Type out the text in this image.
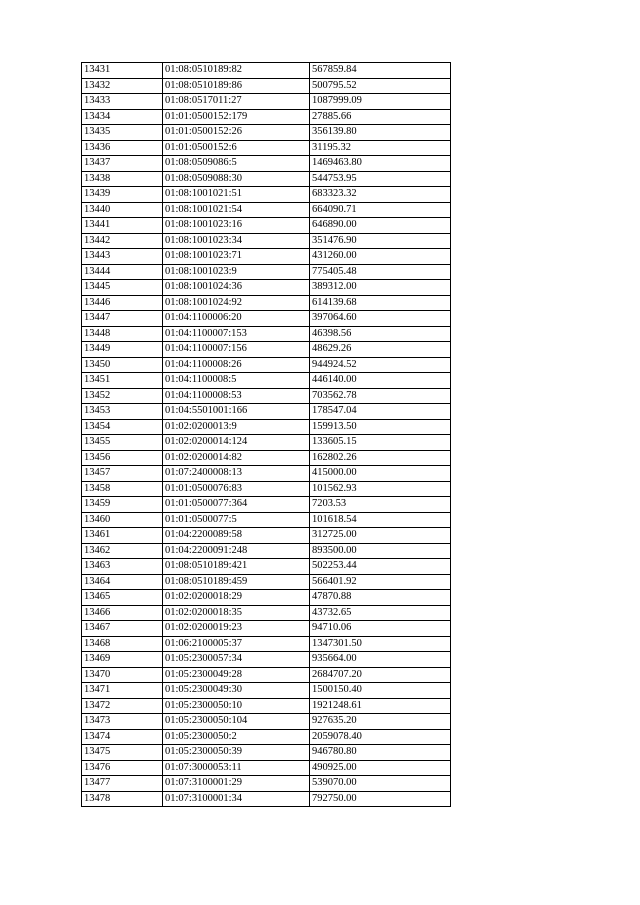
13431	01:08:0510189:82	567859.84
13432	01:08:0510189:86	500795.52
13433	01:08:0517011:27	1087999.09
13434	01:01:0500152:179	27885.66
13435	01:01:0500152:26	356139.80
13436	01:01:0500152:6	31195.32
13437	01:08:0509086:5	1469463.80
13438	01:08:0509088:30	544753.95
13439	01:08:1001021:51	683323.32
13440	01:08:1001021:54	664090.71
13441	01:08:1001023:16	646890.00
13442	01:08:1001023:34	351476.90
13443	01:08:1001023:71	431260.00
13444	01:08:1001023:9	775405.48
13445	01:08:1001024:36	389312.00
13446	01:08:1001024:92	614139.68
13447	01:04:1100006:20	397064.60
13448	01:04:1100007:153	46398.56
13449	01:04:1100007:156	48629.26
13450	01:04:1100008:26	944924.52
13451	01:04:1100008:5	446140.00
13452	01:04:1100008:53	703562.78
13453	01:04:5501001:166	178547.04
13454	01:02:0200013:9	159913.50
13455	01:02:0200014:124	133605.15
13456	01:02:0200014:82	162802.26
13457	01:07:2400008:13	415000.00
13458	01:01:0500076:83	101562.93
13459	01:01:0500077:364	7203.53
13460	01:01:0500077:5	101618.54
13461	01:04:2200089:58	312725.00
13462	01:04:2200091:248	893500.00
13463	01:08:0510189:421	502253.44
13464	01:08:0510189:459	566401.92
13465	01:02:0200018:29	47870.88
13466	01:02:0200018:35	43732.65
13467	01:02:0200019:23	94710.06
13468	01:06:2100005:37	1347301.50
13469	01:05:2300057:34	935664.00
13470	01:05:2300049:28	2684707.20
13471	01:05:2300049:30	1500150.40
13472	01:05:2300050:10	1921248.61
13473	01:05:2300050:104	927635.20
13474	01:05:2300050:2	2059078.40
13475	01:05:2300050:39	946780.80
13476	01:07:3000053:11	490925.00
13477	01:07:3100001:29	539070.00
13478	01:07:3100001:34	792750.00
